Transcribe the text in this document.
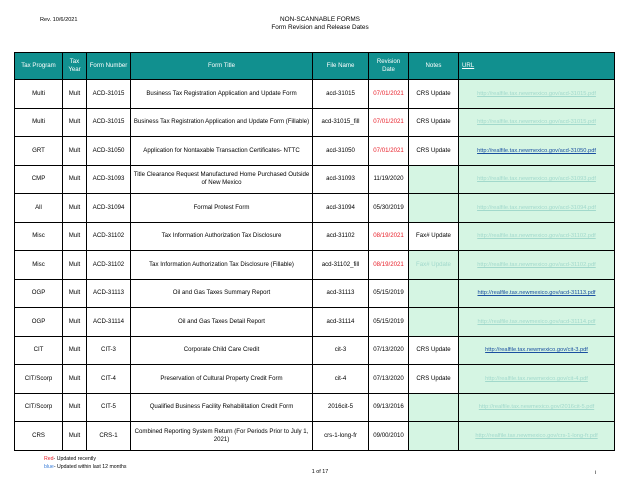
Rev. 10/6/2021	NON-SCANNABLE FORMS
Form Revision and Release Dates
Tax Program	Tax Year	Form Number	Form Title	File Name	Revision Date	Notes	URL
Multi	Mult	ACD-31015	Business Tax Registration Application and Update Form	acd-31015	07/01/2021	CRS Update	http://realfile.tax.newmexico.gov/acd-31015.pdf
Multi	Mult	ACD-31015	Business Tax Registration Application and Update Form (Fillable)	acd-31015_fill	07/01/2021	CRS Update	http://realfile.tax.newmexico.gov/acd-31015.pdf
GRT	Mult	ACD-31050	Application for Nontaxable Transaction Certificates- NTTC	acd-31050	07/01/2021	CRS Update	http://realfile.tax.newmexico.gov/acd-31050.pdf
CMP	Mult	ACD-31093	Title Clearance Request Manufactured Home Purchased Outside of New Mexico	acd-31093	11/19/2020		http://realfile.tax.newmexico.gov/acd-31093.pdf
All	Mult	ACD-31094	Formal Protest Form	acd-31094	05/30/2019		http://realfile.tax.newmexico.gov/acd-31094.pdf
Misc	Mult	ACD-31102	Tax Information Authorization Tax Disclosure	acd-31102	08/19/2021	Fax# Update	http://realfile.tax.newmexico.gov/acd-31102.pdf
Misc	Mult	ACD-31102	Tax Information Authorization Tax Disclosure (Fillable)	acd-31102_fill	08/19/2021	Fax# Update	http://realfile.tax.newmexico.gov/acd-31102.pdf
OGP	Mult	ACD-31113	Oil and Gas Taxes Summary Report	acd-31113	05/15/2019		http://realfile.tax.newmexico.gov/acd-31113.pdf
OGP	Mult	ACD-31114	Oil and Gas Taxes Detail Report	acd-31114	05/15/2019		http://realfile.tax.newmexico.gov/acd-31114.pdf
CIT	Mult	CIT-3	Corporate Child Care Credit	cit-3	07/13/2020	CRS Update	http://realfile.tax.newmexico.gov/cit-3.pdf
CIT/Scorp	Mult	CIT-4	Preservation of Cultural Property Credit Form	cit-4	07/13/2020	CRS Update	http://realfile.tax.newmexico.gov/cit-4.pdf
CIT/Scorp	Mult	CIT-5	Qualified Business Facility Rehabilitation Credit Form	2016cit-5	09/13/2016		http://realfile.tax.newmexico.gov/2016cit-5.pdf
CRS	Mult	CRS-1	Combined Reporting System Return (For Periods Prior to July 1, 2021)	crs-1-long-fr	09/00/2010		http://realfile.tax.newmexico.gov/crs-1-long-fr.pdf
Red- Updated recently
blue- Updated within last 12 months
1 of 17	i
